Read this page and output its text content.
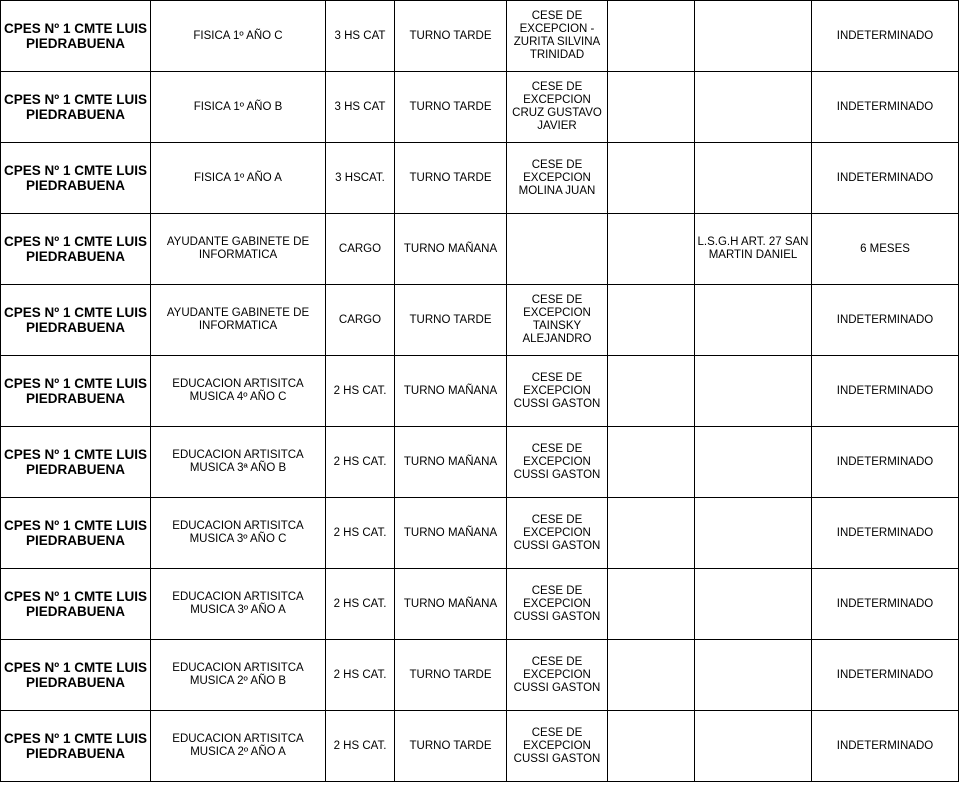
CPES Nº 1 CMTE LUIS PIEDRABUENA	FISICA 1º AÑO C	3 HS CAT	TURNO TARDE	CESE DE EXCEPCION - ZURITA SILVINA TRINIDAD			INDETERMINADO
CPES Nº 1 CMTE LUIS PIEDRABUENA	FISICA 1º AÑO B	3 HS CAT	TURNO TARDE	CESE DE EXCEPCION CRUZ GUSTAVO JAVIER			INDETERMINADO
CPES Nº 1 CMTE LUIS PIEDRABUENA	FISICA 1º AÑO A	3 HSCAT.	TURNO TARDE	CESE DE EXCEPCION MOLINA JUAN			INDETERMINADO
CPES Nº 1 CMTE LUIS PIEDRABUENA	AYUDANTE GABINETE DE INFORMATICA	CARGO	TURNO MAÑANA			L.S.G.H ART. 27 SAN MARTIN DANIEL	6 MESES
CPES Nº 1 CMTE LUIS PIEDRABUENA	AYUDANTE GABINETE DE INFORMATICA	CARGO	TURNO TARDE	CESE DE EXCEPCION TAINSKY ALEJANDRO			INDETERMINADO
CPES Nº 1 CMTE LUIS PIEDRABUENA	EDUCACION ARTISITCA MUSICA 4º AÑO C	2 HS CAT.	TURNO MAÑANA	CESE DE EXCEPCION CUSSI GASTON			INDETERMINADO
CPES Nº 1 CMTE LUIS PIEDRABUENA	EDUCACION ARTISITCA MUSICA 3ª AÑO B	2 HS CAT.	TURNO MAÑANA	CESE DE EXCEPCION CUSSI GASTON			INDETERMINADO
CPES Nº 1 CMTE LUIS PIEDRABUENA	EDUCACION ARTISITCA MUSICA 3º AÑO C	2 HS CAT.	TURNO MAÑANA	CESE DE EXCEPCION CUSSI GASTON			INDETERMINADO
CPES Nº 1 CMTE LUIS PIEDRABUENA	EDUCACION ARTISITCA MUSICA 3º AÑO A	2 HS CAT.	TURNO MAÑANA	CESE DE EXCEPCION CUSSI GASTON			INDETERMINADO
CPES Nº 1 CMTE LUIS PIEDRABUENA	EDUCACION ARTISITCA MUSICA 2º AÑO B	2 HS CAT.	TURNO TARDE	CESE DE EXCEPCION CUSSI GASTON			INDETERMINADO
CPES Nº 1 CMTE LUIS PIEDRABUENA	EDUCACION ARTISITCA MUSICA 2º AÑO A	2 HS CAT.	TURNO TARDE	CESE DE EXCEPCION CUSSI GASTON			INDETERMINADO
